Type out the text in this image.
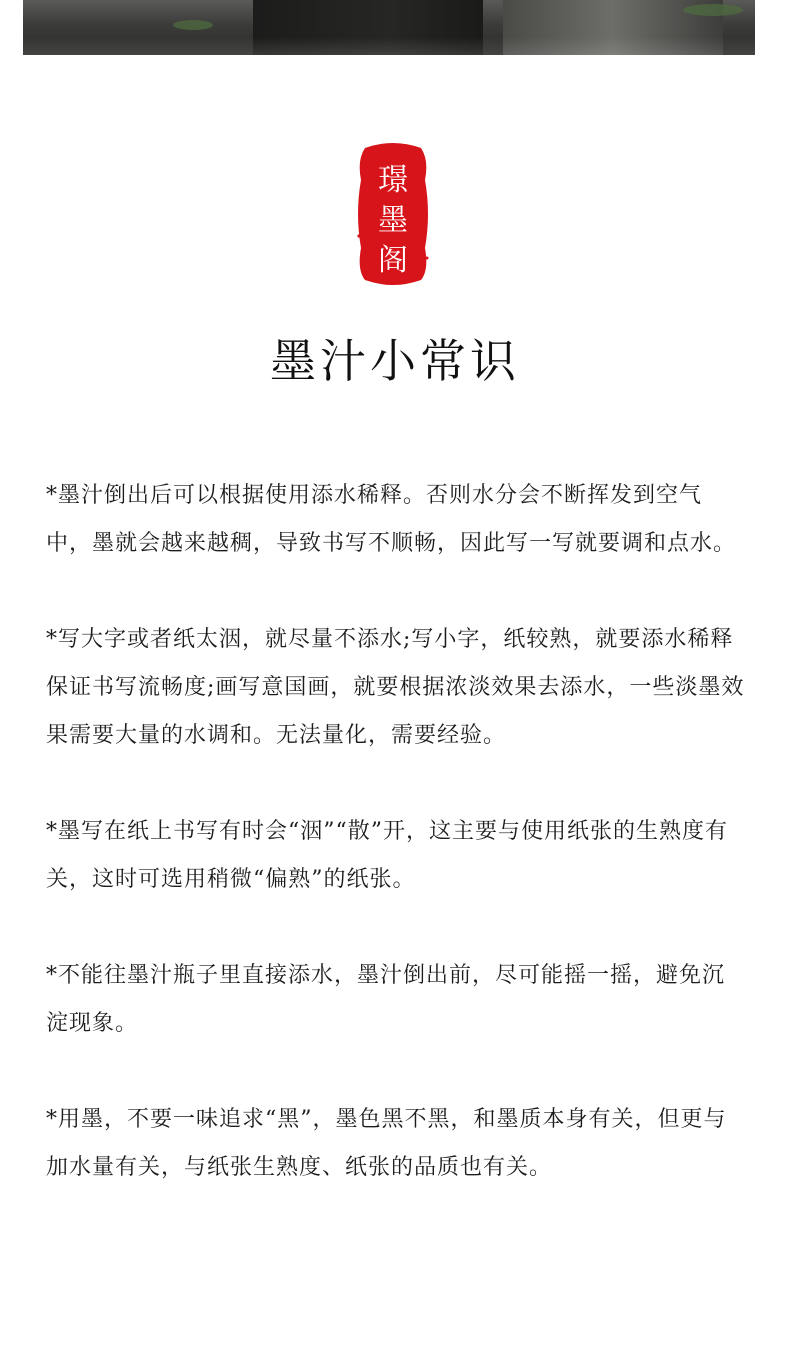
璟
墨
阁
墨汁小常识

*墨汁倒出后可以根据使用添水稀释。否则水分会不断挥发到空气中，墨就会越来越稠，导致书写不顺畅，因此写一写就要调和点水。

*写大字或者纸太洇，就尽量不添水;写小字，纸较熟，就要添水稀释保证书写流畅度;画写意国画，就要根据浓淡效果去添水，一些淡墨效果需要大量的水调和。无法量化，需要经验。

*墨写在纸上书写有时会“洇”“散”开，这主要与使用纸张的生熟度有关，这时可选用稍微“偏熟”的纸张。

*不能往墨汁瓶子里直接添水，墨汁倒出前，尽可能摇一摇，避免沉淀现象。

*用墨，不要一味追求“黑”，墨色黑不黑，和墨质本身有关，但更与加水量有关，与纸张生熟度、纸张的品质也有关。
